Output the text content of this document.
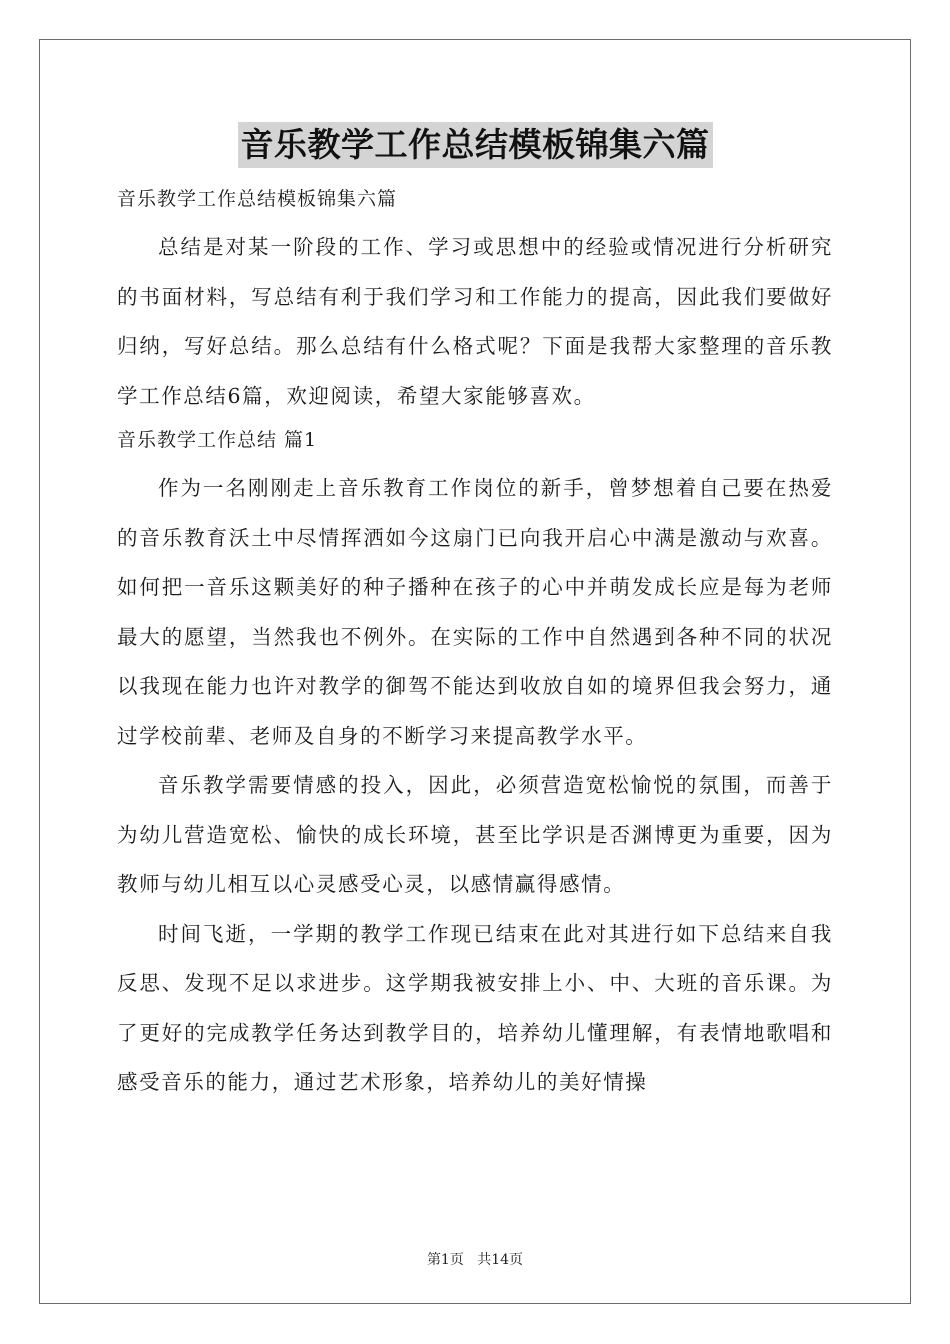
音乐教学工作总结模板锦集六篇
音乐教学工作总结模板锦集六篇

总结是对某一阶段的工作、学习或思想中的经验或情况进行分析研究的书面材料，写总结有利于我们学习和工作能力的提高，因此我们要做好归纳，写好总结。那么总结有什么格式呢？下面是我帮大家整理的音乐教学工作总结6篇，欢迎阅读，希望大家能够喜欢。

音乐教学工作总结 篇1

作为一名刚刚走上音乐教育工作岗位的新手，曾梦想着自己要在热爱的音乐教育沃土中尽情挥洒如今这扇门已向我开启心中满是激动与欢喜。如何把一音乐这颗美好的种子播种在孩子的心中并萌发成长应是每为老师最大的愿望，当然我也不例外。在实际的工作中自然遇到各种不同的状况以我现在能力也许对教学的御驾不能达到收放自如的境界但我会努力，通过学校前辈、老师及自身的不断学习来提高教学水平。

音乐教学需要情感的投入，因此，必须营造宽松愉悦的氛围，而善于为幼儿营造宽松、愉快的成长环境，甚至比学识是否渊博更为重要，因为教师与幼儿相互以心灵感受心灵，以感情赢得感情。

时间飞逝，一学期的教学工作现已结束在此对其进行如下总结来自我反思、发现不足以求进步。这学期我被安排上小、中、大班的音乐课。为了更好的完成教学任务达到教学目的，培养幼儿懂理解，有表情地歌唱和感受音乐的能力，通过艺术形象，培养幼儿的美好情操

第1页 共14页
